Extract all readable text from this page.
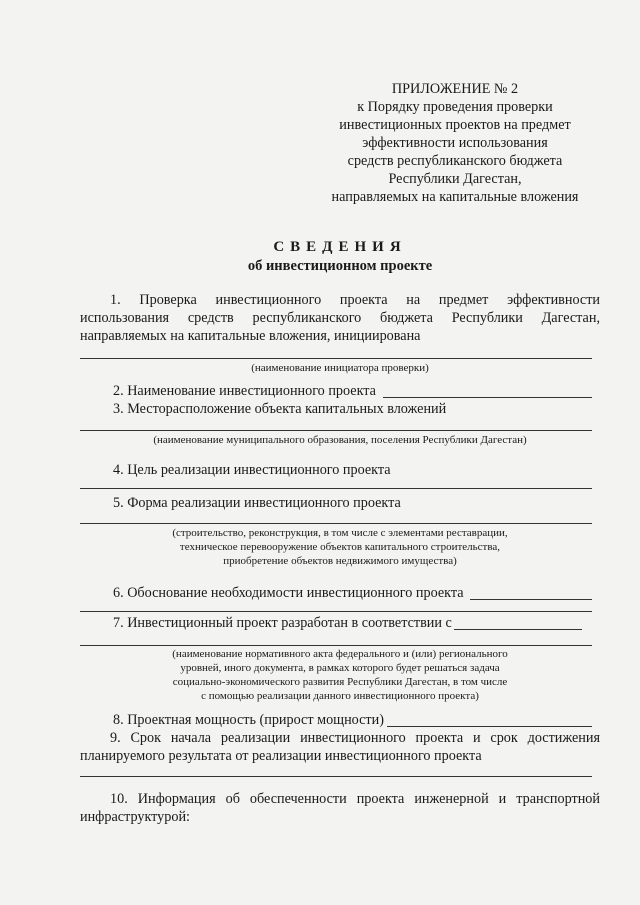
ПРИЛОЖЕНИЕ № 2
к Порядку проведения проверки
инвестиционных проектов на предмет
эффективности использования
средств республиканского бюджета
Республики Дагестан,
направляемых на капитальные вложения
СВЕДЕНИЯ
об инвестиционном проекте
1. Проверка инвестиционного проекта на предмет эффективности использования средств республиканского бюджета Республики Дагестан, направляемых на капитальные вложения, инициирована
(наименование инициатора проверки)
2. Наименование инвестиционного проекта
3. Месторасположение объекта капитальных вложений
(наименование муниципального образования, поселения Республики Дагестан)
4. Цель реализации инвестиционного проекта
5. Форма реализации инвестиционного проекта
(строительство, реконструкция, в том числе с элементами реставрации,
техническое перевооружение объектов капитального строительства,
приобретение объектов недвижимого имущества)
6. Обоснование необходимости инвестиционного проекта
7. Инвестиционный проект разработан в соответствии с
(наименование нормативного акта федерального и (или) регионального
уровней, иного документа, в рамках которого будет решаться задача
социально-экономического развития Республики Дагестан, в том числе
с помощью реализации данного инвестиционного проекта)
8. Проектная мощность (прирост мощности)
9. Срок начала реализации инвестиционного проекта и срок достижения планируемого результата от реализации инвестиционного проекта
10. Информация об обеспеченности проекта инженерной и транспортной инфраструктурой:
